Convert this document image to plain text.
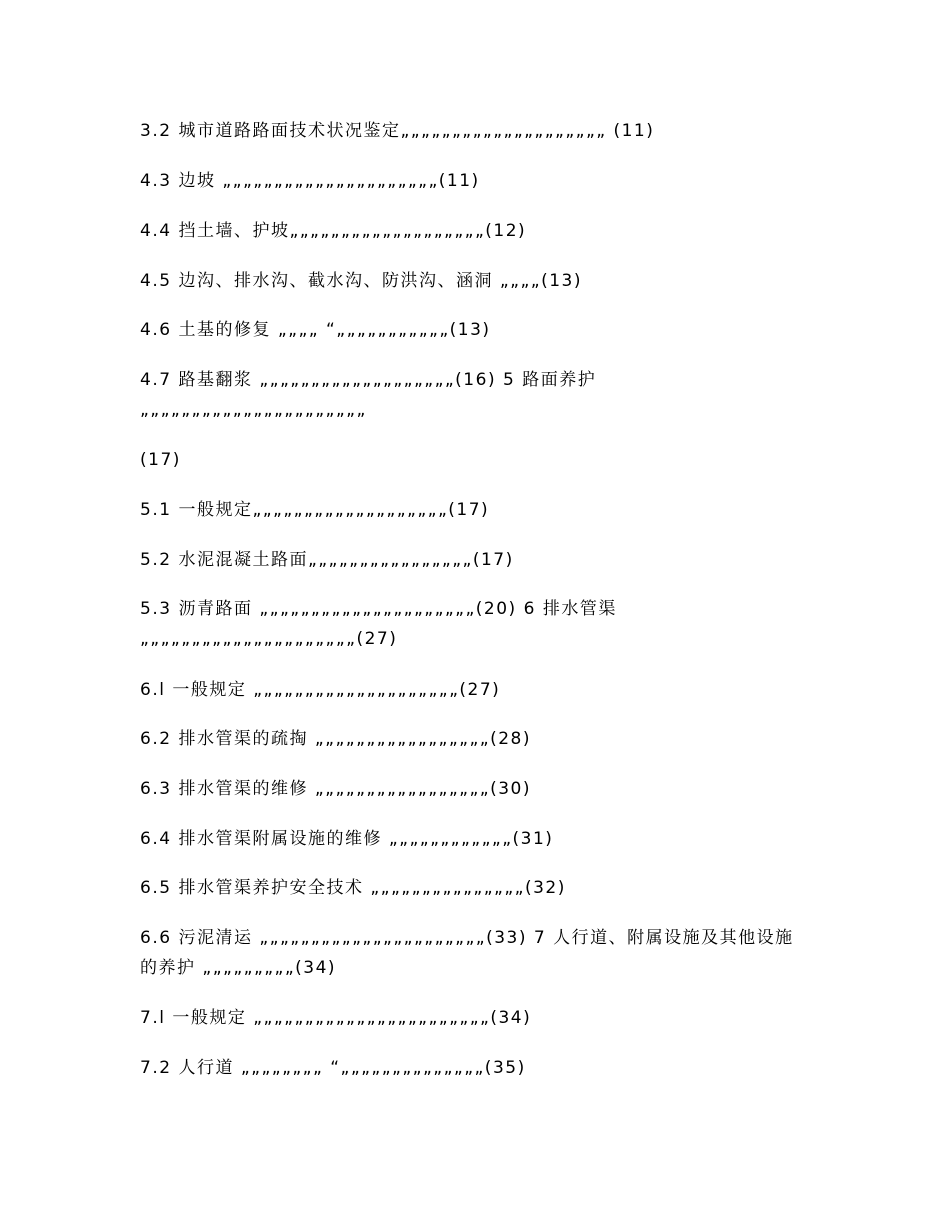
3.2 城市道路路面技术状况鉴定„„„„„„„„„„„„„„„„„„„„ (11)

4.3 边坡 „„„„„„„„„„„„„„„„„„„„„(11)

4.4 挡土墙、护坡„„„„„„„„„„„„„„„„„„„(12)

4.5 边沟、排水沟、截水沟、防洪沟、涵洞 „„„„(13)

4.6 土基的修复 „„„„ “„„„„„„„„„„„(13)

4.7 路基翻浆 „„„„„„„„„„„„„„„„„„„(16) 5 路面养护 „„„„„„„„„„„„„„„„„„„„„„

(17)

5.1 一般规定„„„„„„„„„„„„„„„„„„„(17)

5.2 水泥混凝土路面„„„„„„„„„„„„„„„„(17)

5.3 沥青路面 „„„„„„„„„„„„„„„„„„„„„(20) 6 排水管渠 „„„„„„„„„„„„„„„„„„„„„(27)

6.l 一般规定 „„„„„„„„„„„„„„„„„„„„(27)

6.2 排水管渠的疏掏 „„„„„„„„„„„„„„„„„(28)

6.3 排水管渠的维修 „„„„„„„„„„„„„„„„„(30)

6.4 排水管渠附属设施的维修 „„„„„„„„„„„„(31)

6.5 排水管渠养护安全技术 „„„„„„„„„„„„„„„(32)

6.6 污泥清运 „„„„„„„„„„„„„„„„„„„„„„(33) 7 人行道、附属设施及其他设施的养护 „„„„„„„„„(34)

7.l 一般规定 „„„„„„„„„„„„„„„„„„„„„„„(34)

7.2 人行道 „„„„„„„„ “„„„„„„„„„„„„„„(35)
